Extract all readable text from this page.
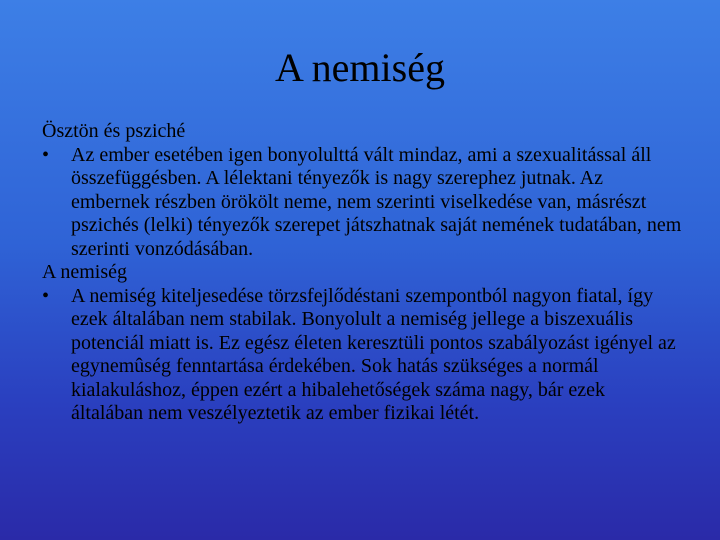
A nemiség
Ösztön és psziché
•	Az ember esetében igen bonyolulttá vált mindaz, ami a szexualitással áll összefüggésben. A lélektani tényezők is nagy szerephez jutnak. Az embernek részben örökölt neme, nem szerinti viselkedése van, másrészt pszichés (lelki) tényezők szerepet játszhatnak saját nemének tudatában, nem szerinti vonzódásában.
A nemiség
•	A nemiség kiteljesedése törzsfejlődéstani szempontból nagyon fiatal, így ezek általában nem stabilak. Bonyolult a nemiség jellege a biszexuális potenciál miatt is. Ez egész életen keresztüli pontos szabályozást igényel az egynemûség fenntartása érdekében. Sok hatás szükséges a normál kialakuláshoz, éppen ezért a hibalehetőségek száma nagy, bár ezek általában nem veszélyeztetik az ember fizikai létét.
